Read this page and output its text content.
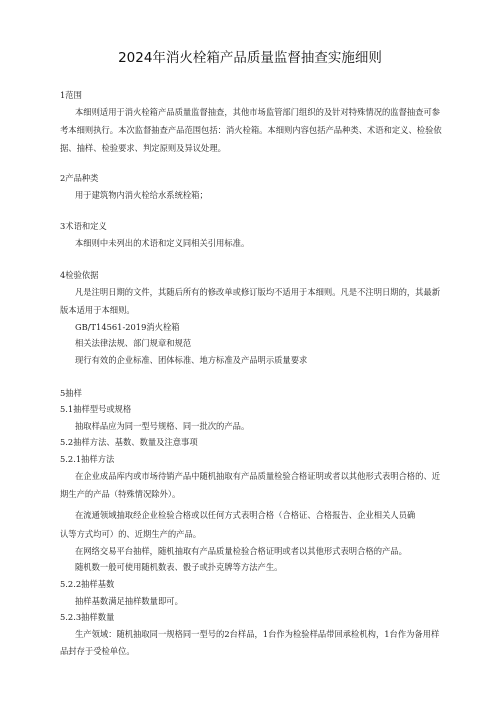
2024年消火栓箱产品质量监督抽查实施细则
1范围
本细则适用于消火栓箱产品质量监督抽查，其他市场监管部门组织的及针对特殊情况的监督抽查可参
考本细则执行。本次监督抽查产品范围包括：消火栓箱。本细则内容包括产品种类、术语和定义、检验依
据、抽样、检验要求、判定原则及异议处理。
2产品种类
用于建筑物内消火栓给水系统栓箱；
3术语和定义
本细则中未列出的术语和定义同相关引用标准。
4检验依据
凡是注明日期的文件，其随后所有的修改单或修订版均不适用于本细则。凡是不注明日期的，其最新
版本适用于本细则。
GB/T14561-2019消火栓箱
相关法律法规、部门规章和规范
现行有效的企业标准、团体标准、地方标准及产品明示质量要求
5抽样
5.1抽样型号或规格
抽取样品应为同一型号规格、同一批次的产品。
5.2抽样方法、基数、数量及注意事项
5.2.1抽样方法
在企业成品库内或市场待销产品中随机抽取有产品质量检验合格证明或者以其他形式表明合格的、近
期生产的产品（特殊情况除外）。
在流通领域抽取经企业检验合格或以任何方式表明合格（合格证、合格报告、企业相关人员确
认等方式均可）的、近期生产的产品。
在网络交易平台抽样，随机抽取有产品质量检验合格证明或者以其他形式表明合格的产品。
随机数一般可使用随机数表、骰子或扑克牌等方法产生。
5.2.2抽样基数
抽样基数满足抽样数量即可。
5.2.3抽样数量
生产领域：随机抽取同一规格同一型号的2台样品，1台作为检验样品带回承检机构，1台作为备用样
品封存于受检单位。
